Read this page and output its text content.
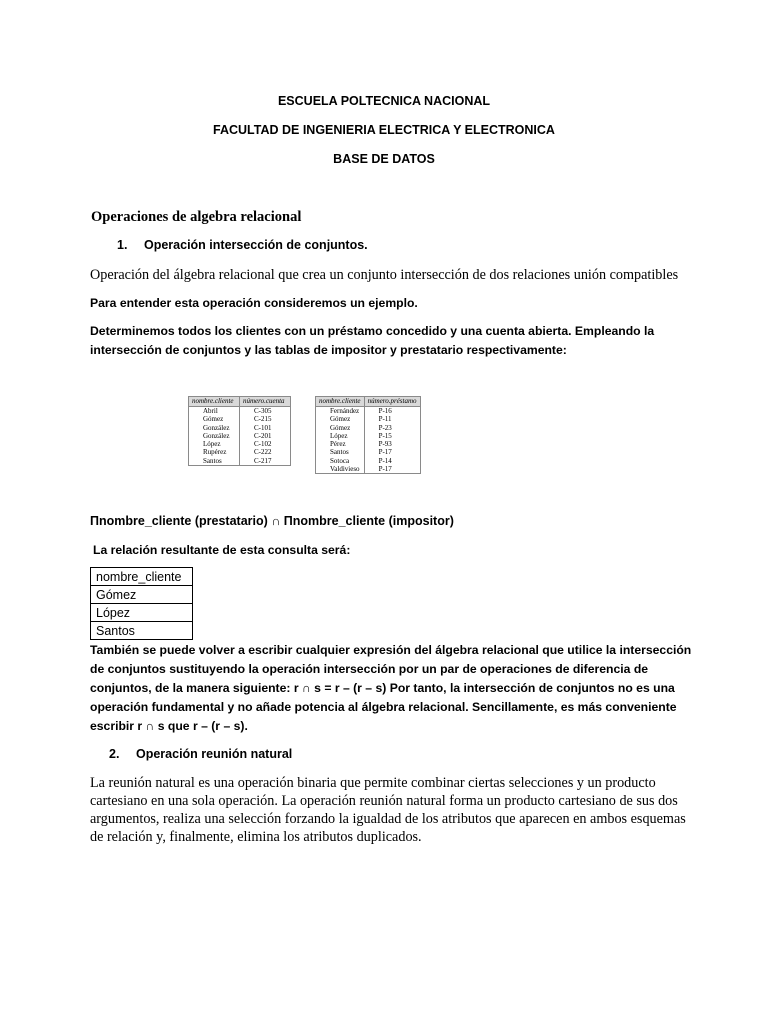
ESCUELA POLTECNICA NACIONAL
FACULTAD DE INGENIERIA ELECTRICA Y ELECTRONICA
BASE DE DATOS
Operaciones de algebra relacional
1. Operación intersección de conjuntos.
Operación del álgebra relacional que crea un conjunto intersección de dos relaciones unión compatibles
Para entender esta operación consideremos un ejemplo.
Determinemos todos los clientes con un préstamo concedido y una cuenta abierta. Empleando la
intersección de conjuntos y las tablas de impositor y prestatario respectivamente:
nombre.cliente	número.cuenta
Abril	C-305
Gómez	C-215
González	C-101
González	C-201
López	C-102
Rupérez	C-222
Santos	C-217
nombre.cliente	número.préstamo
Fernández	P-16
Gómez	P-11
Gómez	P-23
López	P-15
Pérez	P-93
Santos	P-17
Sotoca	P-14
Valdivieso	P-17
Пnombre_cliente (prestatario) ∩ Пnombre_cliente (impositor)
La relación resultante de esta consulta será:
nombre_cliente
Gómez
López
Santos
También se puede volver a escribir cualquier expresión del álgebra relacional que utilice la intersección
de conjuntos sustituyendo la operación intersección por un par de operaciones de diferencia de
conjuntos, de la manera siguiente: r ∩ s = r – (r – s) Por tanto, la intersección de conjuntos no es una
operación fundamental y no añade potencia al álgebra relacional. Sencillamente, es más conveniente
escribir r ∩ s que r – (r – s).
2. Operación reunión natural
La reunión natural es una operación binaria que permite combinar ciertas selecciones y un producto
cartesiano en una sola operación. La operación reunión natural forma un producto cartesiano de sus dos
argumentos, realiza una selección forzando la igualdad de los atributos que aparecen en ambos esquemas
de relación y, finalmente, elimina los atributos duplicados.
